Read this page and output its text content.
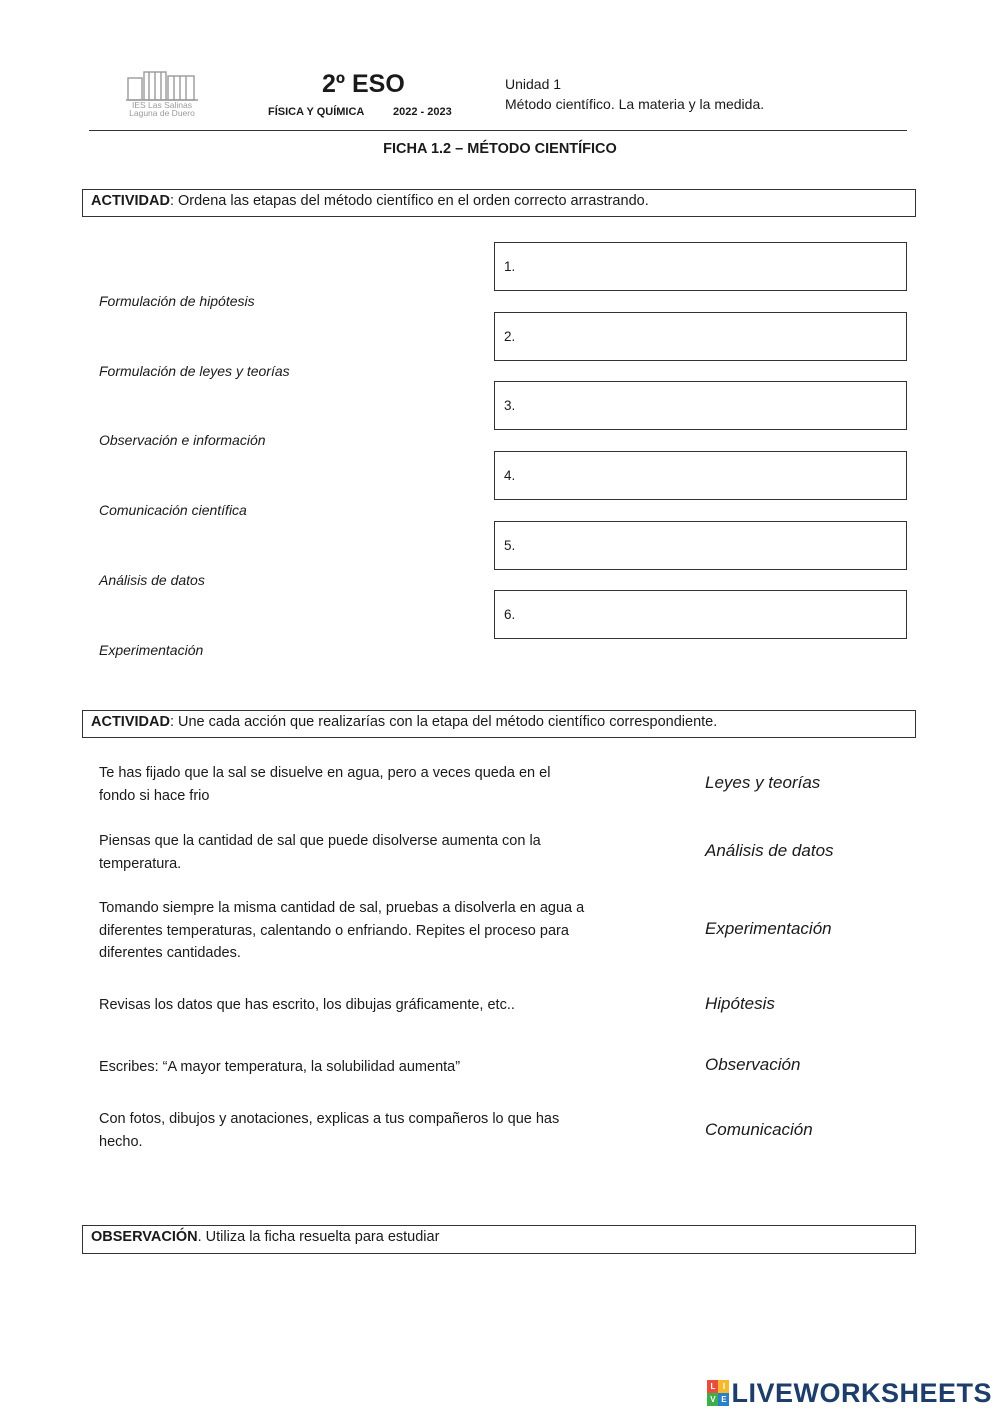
IES Las Salinas Laguna de Duero
2º ESO
FÍSICA Y QUÍMICA	2022 - 2023
Unidad 1
Método científico. La materia y la medida.
FICHA 1.2 – MÉTODO CIENTÍFICO
ACTIVIDAD: Ordena las etapas del método científico en el orden correcto arrastrando.
1.
2.
3.
4.
5.
6.
Formulación de hipótesis
Formulación de leyes y teorías
Observación e información
Comunicación científica
Análisis de datos
Experimentación
ACTIVIDAD: Une cada acción que realizarías con la etapa del método científico correspondiente.
Te has fijado que la sal se disuelve en agua, pero a veces queda en el fondo si hace frio
Piensas que la cantidad de sal que puede disolverse aumenta con la temperatura.
Tomando siempre la misma cantidad de sal, pruebas a disolverla en agua a diferentes temperaturas, calentando o enfriando. Repites el proceso para diferentes cantidades.
Revisas los datos que has escrito, los dibujas gráficamente, etc..
Escribes: “A mayor temperatura, la solubilidad aumenta”
Con fotos, dibujos y anotaciones, explicas a tus compañeros lo que has hecho.
Leyes y teorías
Análisis de datos
Experimentación
Hipótesis
Observación
Comunicación
OBSERVACIÓN. Utiliza la ficha resuelta para estudiar
L I
V E LIVEWORKSHEETS
